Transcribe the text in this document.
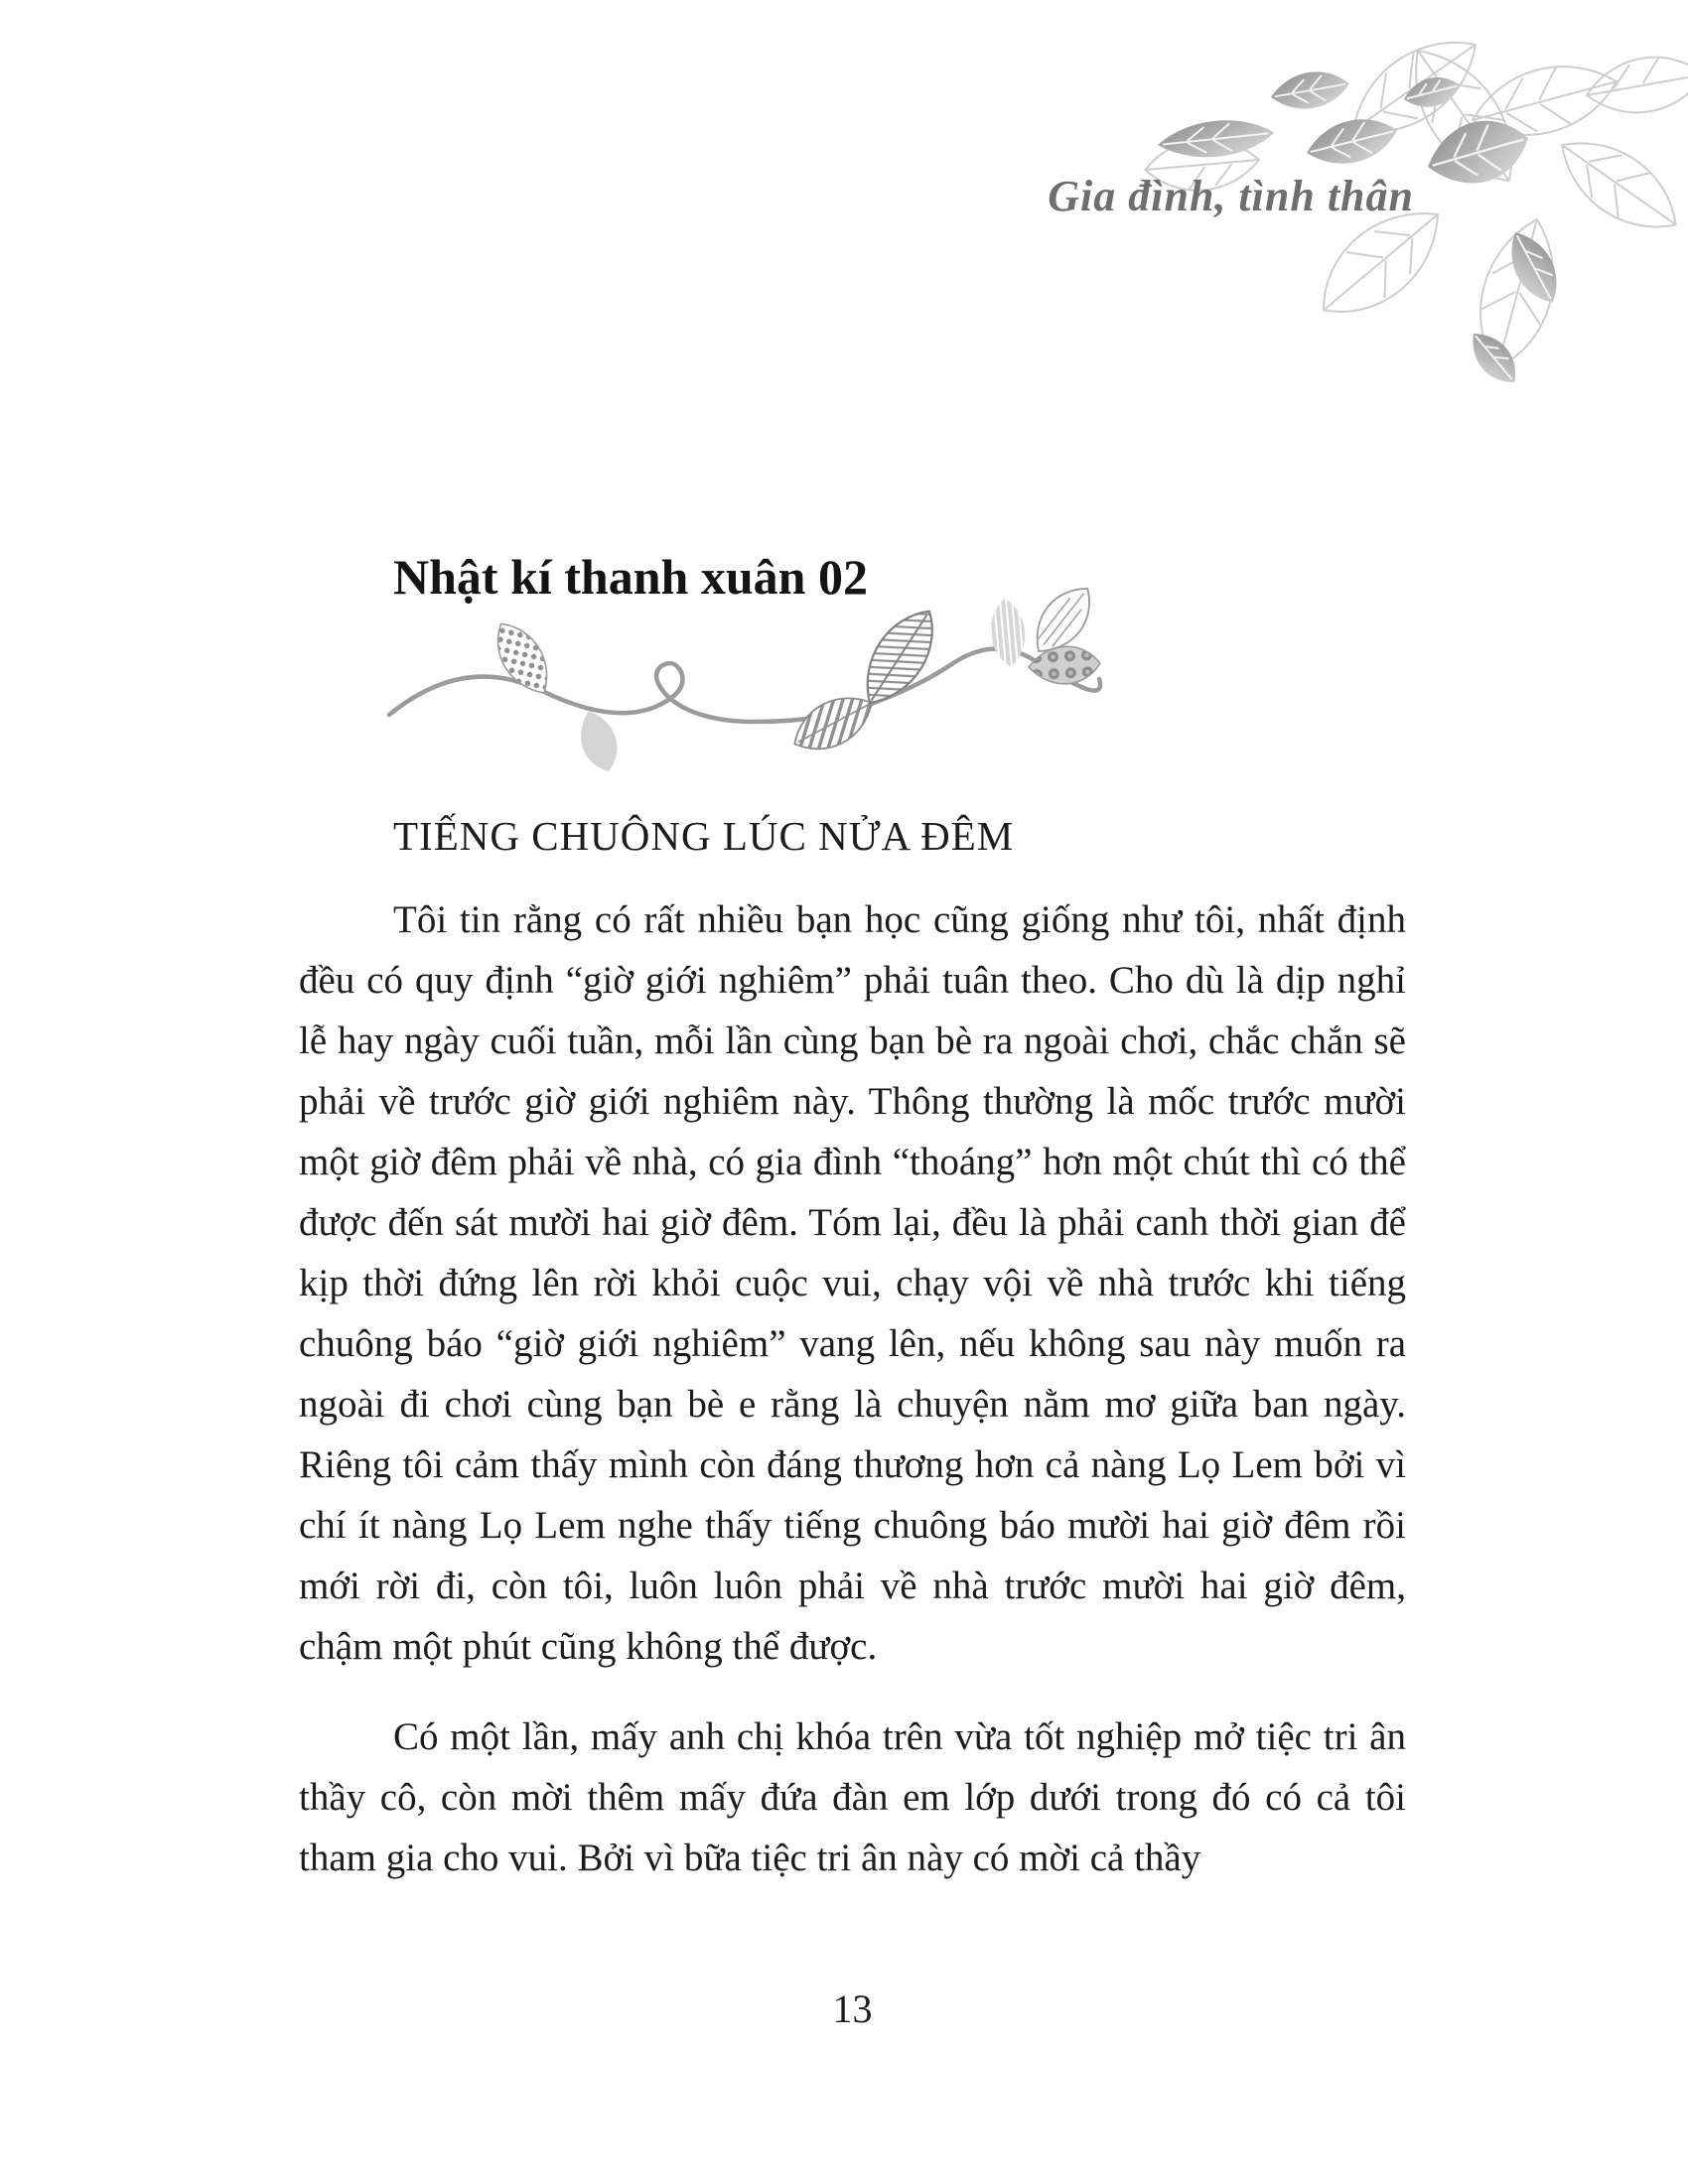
Gia đình, tình thân
Nhật kí thanh xuân 02
TIẾNG CHUÔNG LÚC NỬA ĐÊM

Tôi tin rằng có rất nhiều bạn học cũng giống như tôi, nhất định đều có quy định “giờ giới nghiêm” phải tuân theo. Cho dù là dịp nghỉ lễ hay ngày cuối tuần, mỗi lần cùng bạn bè ra ngoài chơi, chắc chắn sẽ phải về trước giờ giới nghiêm này. Thông thường là mốc trước mười một giờ đêm phải về nhà, có gia đình “thoáng” hơn một chút thì có thể được đến sát mười hai giờ đêm. Tóm lại, đều là phải canh thời gian để kịp thời đứng lên rời khỏi cuộc vui, chạy vội về nhà trước khi tiếng chuông báo “giờ giới nghiêm” vang lên, nếu không sau này muốn ra ngoài đi chơi cùng bạn bè e rằng là chuyện nằm mơ giữa ban ngày. Riêng tôi cảm thấy mình còn đáng thương hơn cả nàng Lọ Lem bởi vì chí ít nàng Lọ Lem nghe thấy tiếng chuông báo mười hai giờ đêm rồi mới rời đi, còn tôi, luôn luôn phải về nhà trước mười hai giờ đêm, chậm một phút cũng không thể được.

Có một lần, mấy anh chị khóa trên vừa tốt nghiệp mở tiệc tri ân thầy cô, còn mời thêm mấy đứa đàn em lớp dưới trong đó có cả tôi tham gia cho vui. Bởi vì bữa tiệc tri ân này có mời cả thầy

13
